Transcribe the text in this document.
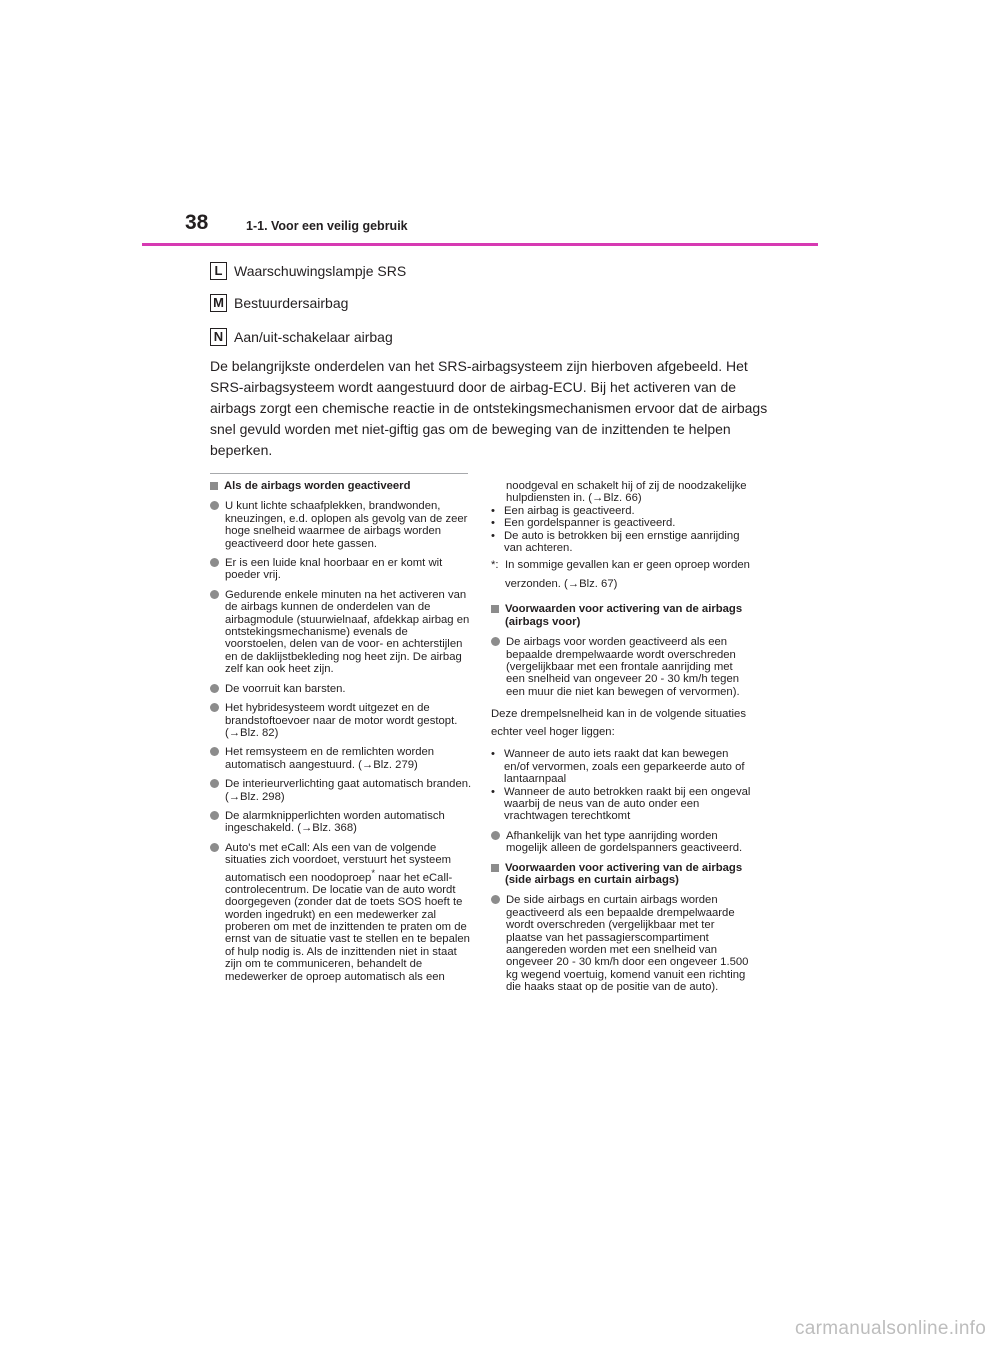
38	1-1. Voor een veilig gebruik
L Waarschuwingslampje SRS
M Bestuurdersairbag
N Aan/uit-schakelaar airbag
De belangrijkste onderdelen van het SRS-airbagsysteem zijn hierboven afgebeeld. Het SRS-airbagsysteem wordt aangestuurd door de airbag-ECU. Bij het activeren van de airbags zorgt een chemische reactie in de ontstekingsmechanismen ervoor dat de airbags snel gevuld worden met niet-giftig gas om de beweging van de inzittenden te helpen beperken.
Als de airbags worden geactiveerd
U kunt lichte schaafplekken, brandwonden, kneuzingen, e.d. oplopen als gevolg van de zeer hoge snelheid waarmee de airbags worden geactiveerd door hete gassen.
Er is een luide knal hoorbaar en er komt wit poeder vrij.
Gedurende enkele minuten na het activeren van de airbags kunnen de onderdelen van de airbagmodule (stuurwielnaaf, afdekkap airbag en ontstekingsmechanisme) evenals de voorstoelen, delen van de voor- en achterstijlen en de daklijstbekleding nog heet zijn. De airbag zelf kan ook heet zijn.
De voorruit kan barsten.
Het hybridesysteem wordt uitgezet en de brandstoftoevoer naar de motor wordt gestopt. (→Blz. 82)
Het remsysteem en de remlichten worden automatisch aangestuurd. (→Blz. 279)
De interieurverlichting gaat automatisch branden. (→Blz. 298)
De alarmknipperlichten worden automatisch ingeschakeld. (→Blz. 368)
Auto's met eCall: Als een van de volgende situaties zich voordoet, verstuurt het systeem automatisch een noodoproep* naar het eCall-controlecentrum. De locatie van de auto wordt doorgegeven (zonder dat de toets SOS hoeft te worden ingedrukt) en een medewerker zal proberen om met de inzittenden te praten om de ernst van de situatie vast te stellen en te bepalen of hulp nodig is. Als de inzittenden niet in staat zijn om te communiceren, behandelt de medewerker de oproep automatisch als een
noodgeval en schakelt hij of zij de noodzakelijke hulpdiensten in. (→Blz. 66)
• Een airbag is geactiveerd.
• Een gordelspanner is geactiveerd.
• De auto is betrokken bij een ernstige aanrijding van achteren.
*: In sommige gevallen kan er geen oproep worden verzonden. (→Blz. 67)
Voorwaarden voor activering van de airbags (airbags voor)
De airbags voor worden geactiveerd als een bepaalde drempelwaarde wordt overschreden (vergelijkbaar met een frontale aanrijding met een snelheid van ongeveer 20 - 30 km/h tegen een muur die niet kan bewegen of vervormen).
Deze drempelsnelheid kan in de volgende situaties echter veel hoger liggen:
• Wanneer de auto iets raakt dat kan bewegen en/of vervormen, zoals een geparkeerde auto of lantaarnpaal
• Wanneer de auto betrokken raakt bij een ongeval waarbij de neus van de auto onder een vrachtwagen terechtkomt
Afhankelijk van het type aanrijding worden mogelijk alleen de gordelspanners geactiveerd.
Voorwaarden voor activering van de airbags (side airbags en curtain airbags)
De side airbags en curtain airbags worden geactiveerd als een bepaalde drempelwaarde wordt overschreden (vergelijkbaar met ter plaatse van het passagierscompartiment aangereden worden met een snelheid van ongeveer 20 - 30 km/h door een ongeveer 1.500 kg wegend voertuig, komend vanuit een richting die haaks staat op de positie van de auto).
carmanualsonline.info
